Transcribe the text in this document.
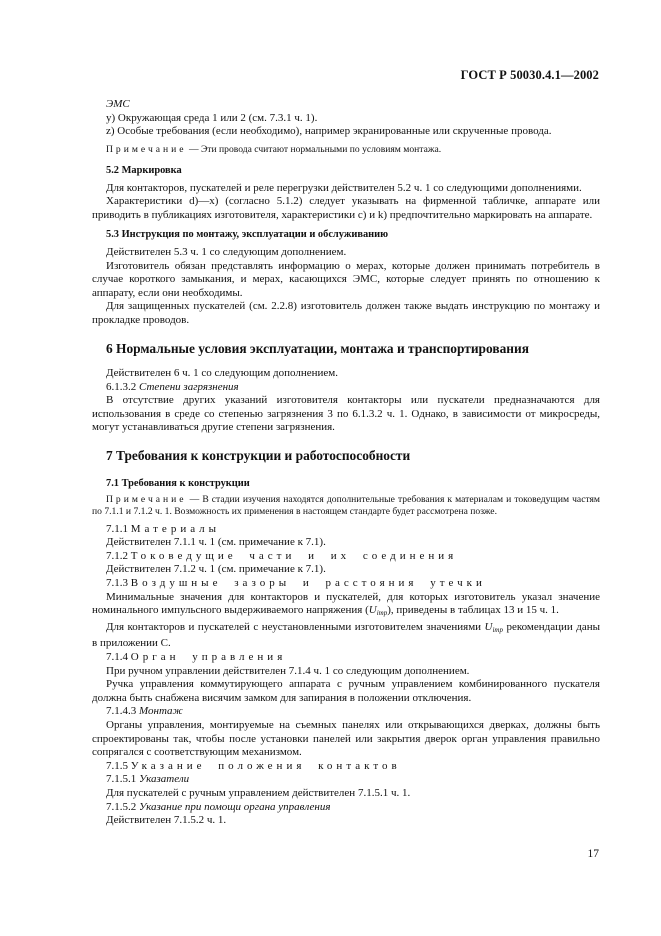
ГОСТ Р 50030.4.1—2002

ЭМС

y) Окружающая среда 1 или 2 (см. 7.3.1 ч. 1).

z) Особые требования (если необходимо), например экранированные или скрученные провода.

Примечание — Эти провода считают нормальными по условиям монтажа.

5.2 Маркировка

Для контакторов, пускателей и реле перегрузки действителен 5.2 ч. 1 со следующими дополнениями.

Характеристики d)—x) (согласно 5.1.2) следует указывать на фирменной табличке, аппарате или приводить в публикациях изготовителя, характеристики с) и k) предпочтительно маркировать на аппарате.

5.3 Инструкция по монтажу, эксплуатации и обслуживанию

Действителен 5.3 ч. 1 со следующим дополнением.

Изготовитель обязан представлять информацию о мерах, которые должен принимать потребитель в случае короткого замыкания, и мерах, касающихся ЭМС, которые следует принять по отношению к аппарату, если они необходимы.

Для защищенных пускателей (см. 2.2.8) изготовитель должен также выдать инструкцию по монтажу и прокладке проводов.

6 Нормальные условия эксплуатации, монтажа и транспортирования

Действителен 6 ч. 1 со следующим дополнением.

6.1.3.2 Степени загрязнения

В отсутствие других указаний изготовителя контакторы или пускатели предназначаются для использования в среде со степенью загрязнения 3 по 6.1.3.2 ч. 1. Однако, в зависимости от микросреды, могут устанавливаться другие степени загрязнения.

7 Требования к конструкции и работоспособности
7.1 Требования к конструкции

Примечание — В стадии изучения находятся дополнительные требования к материалам и токоведущим частям по 7.1.1 и 7.1.2 ч. 1. Возможность их применения в настоящем стандарте будет рассмотрена позже.

7.1.1 Материалы

Действителен 7.1.1 ч. 1 (см. примечание к 7.1).

7.1.2 Токоведущие части и их соединения

Действителен 7.1.2 ч. 1 (см. примечание к 7.1).

7.1.3 Воздушные зазоры и расстояния утечки

Минимальные значения для контакторов и пускателей, для которых изготовитель указал значение номинального импульсного выдерживаемого напряжения $(U_{imp})$, приведены в таблицах 13 и 15 ч. 1.

Для контакторов и пускателей с неустановленными изготовителем значениями $U_{imp}$ рекомендации даны в приложении С.

7.1.4 Орган управления

При ручном управлении действителен 7.1.4 ч. 1 со следующим дополнением.

Ручка управления коммутирующего аппарата с ручным управлением комбинированного пускателя должна быть снабжена висячим замком для запирания в положении отключения.

7.1.4.3 Монтаж

Органы управления, монтируемые на съемных панелях или открывающихся дверках, должны быть спроектированы так, чтобы после установки панелей или закрытия дверок орган управления правильно сопрягался с соответствующим механизмом.

7.1.5 Указание положения контактов

7.1.5.1 Указатели

Для пускателей с ручным управлением действителен 7.1.5.1 ч. 1.

7.1.5.2 Указание при помощи органа управления

Действителен 7.1.5.2 ч. 1.

17
